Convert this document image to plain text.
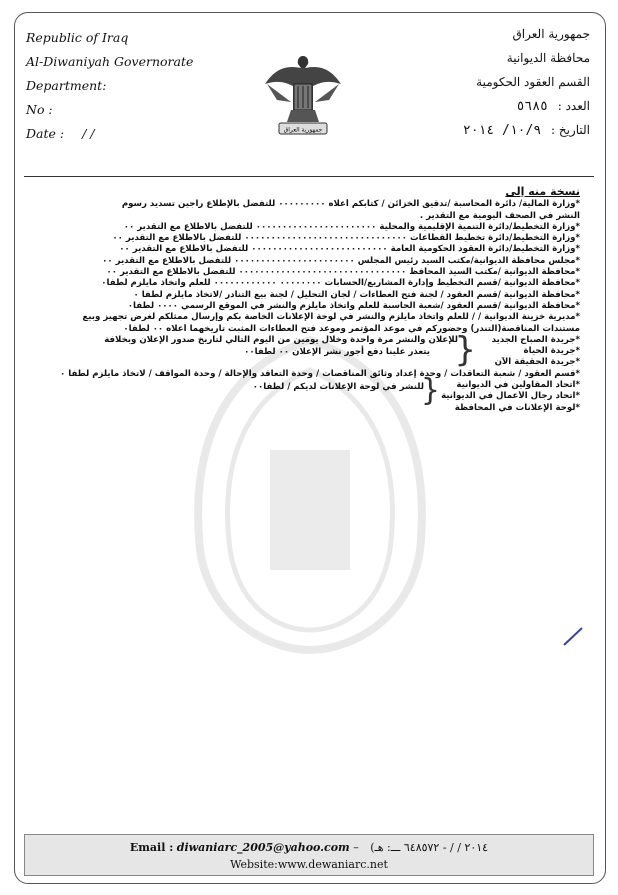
Republic of Iraq
Al-Diwaniyah Governorate
Department:
No :
Date : / /	جمهورية العراق
جمهورية العراق
محافظة الديوانية
القسم العقود الحكومية
العدد : ٥٦٨٥
التاريخ : ١٠/٩/ ٢٠١٤
نسخة منه إلى
*وزارة المالية/ دائرة المحاسبة /تدقيق الخزائن / كتابكم أعلاه ٠٠٠٠٠٠٠٠٠ للتفضل بالإطلاع راجين تسديد رسوم
النشر في الصحف اليومية مع التقدير .
*وزارة التخطيط/دائرة التنمية الإقليمية والمحلية ٠٠٠٠٠٠٠٠٠٠٠٠٠٠٠٠٠٠٠٠٠٠٠ للتفضل بالاطلاع مع التقدير ٠٠
*وزارة التخطيط/دائرة تخطيط القطاعات ٠٠٠٠٠٠٠٠٠٠٠٠٠٠٠٠٠٠٠٠٠٠٠٠٠٠٠٠٠٠٠ للتفضل بالاطلاع مع التقدير ٠٠
*وزارة التخطيط/دائرة العقود الحكومية العامة ٠٠٠٠٠٠٠٠٠٠٠٠٠٠٠٠٠٠٠٠٠٠٠٠٠٠ للتفضل بالاطلاع مع التقدير ٠٠
*مجلس محافظة الديوانية/مكتب السيد رئيس المجلس ٠٠٠٠٠٠٠٠٠٠٠٠٠٠٠٠٠٠٠٠٠٠٠ للتفضل بالاطلاع مع التقدير ٠٠
*محافظة الديوانية /مكتب السيد المحافظ ٠٠٠٠٠٠٠٠٠٠٠٠٠٠٠٠٠٠٠٠٠٠٠٠٠٠٠٠٠٠٠٠ للتفضل بالاطلاع مع التقدير ٠٠
*محافظة الديوانية /قسم التخطيط وإدارة المشاريع/الحسابات ٠٠٠٠٠٠٠٠ ٠٠٠٠٠٠٠٠٠٠٠٠ للعلم واتخاذ مايلزم لطفا٠
*محافظة الديوانية /قسم العقود / لجنة فتح العطاءات / لجان التحليل / لجنة بيع التنادر /لاتخاذ مايلزم لطفا ٠
*محافظة الديوانية /قسم العقود /شعبة الحاسبة للعلم واتخاذ مايلزم والنشر في الموقع الرسمي ٠٠٠٠ لطفا٠
*مديرية خزينة الديوانية / / للعلم واتخاذ مايلزم والنشر في لوحة الإعلانات الخاصة بكم وإرسال ممثلكم لغرض تجهيز وبيع
مستندات المناقصة(التندر) وحضوركم في موعد المؤتمر وموعد فتح العطاءات المثبت تاريخهما أعلاه ٠٠ لطفا٠
*جريدة الصباح الجديد
*جريدة الحياة
*جريدة الحقيقة الآن
{
للإعلان والنشر مرة واحدة وخلال يومين من اليوم التالي لتاريخ صدور الإعلان وبخلافة
يتعذر علينا دفع أجور نشر الإعلان ٠٠ لطفا٠٠
*قسم العقود / شعبة التعاقدات / وحدة إعداد وثائق المناقصات / وحدة التعاقد والإحالة / وحدة المواقف / لاتخاذ مايلزم لطفا ٠
*اتحاد المقاولين في الديوانية
*اتحاد رجال الأعمال في الديوانية
*لوحة الإعلانات في المحافظة
{
للنشر في لوحة الإعلانات لديكم / لطفا٠٠
Email : diwaniarc_2005@yahoo.com – (٢٠١٤ / / - ٦٤٨٥٧٢ ـــ: هـ
Website:www.dewaniarc.net
